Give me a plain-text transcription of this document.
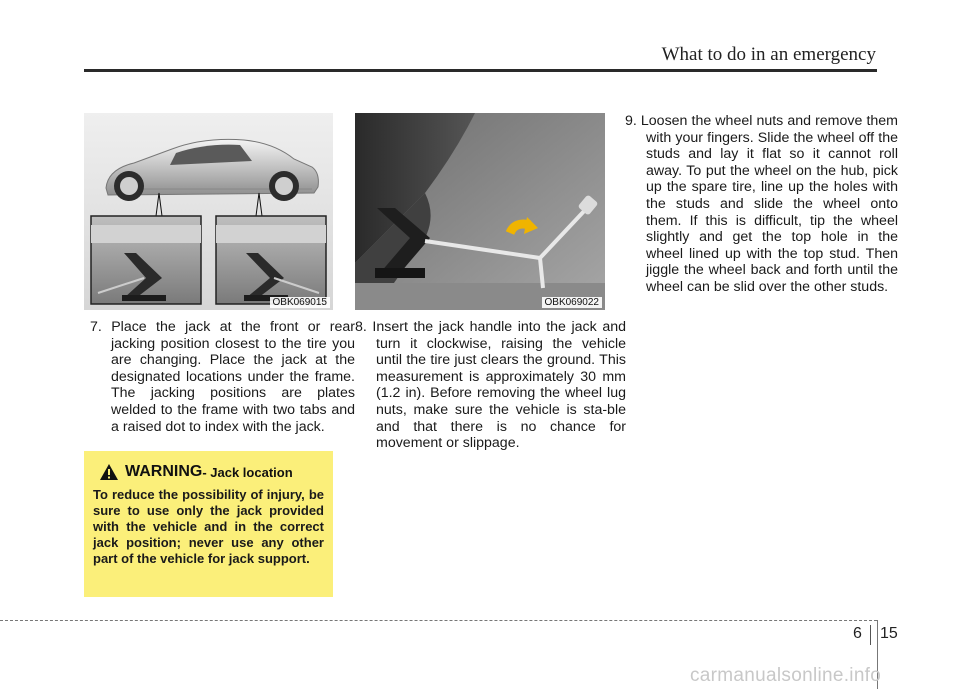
What to do in an emergency
OBK069015	OBK069022
7. Place the jack at the front or rear jacking position closest to the tire you are changing. Place the jack at the designated locations under the frame. The jacking positions are plates welded to the frame with two tabs and a raised dot to index with the jack.
8. Insert the jack handle into the jack and turn it clockwise, raising the vehicle until the tire just clears the ground. This measurement is approximately 30 mm (1.2 in). Before removing the wheel lug nuts, make sure the vehicle is sta-ble and that there is no chance for movement or slippage.
9. Loosen the wheel nuts and remove them with your fingers. Slide the wheel off the studs and lay it flat so it cannot roll away. To put the wheel on the hub, pick up the spare tire, line up the holes with the studs and slide the wheel onto them. If this is difficult, tip the wheel slightly and get the top hole in the wheel lined up with the top stud. Then jiggle the wheel back and forth until the wheel can be slid over the other studs.
WARNING - Jack location
To reduce the possibility of injury, be sure to use only the jack provided with the vehicle and in the correct jack position; never use any other part of the vehicle for jack support.
6 15
carmanualsonline.info
